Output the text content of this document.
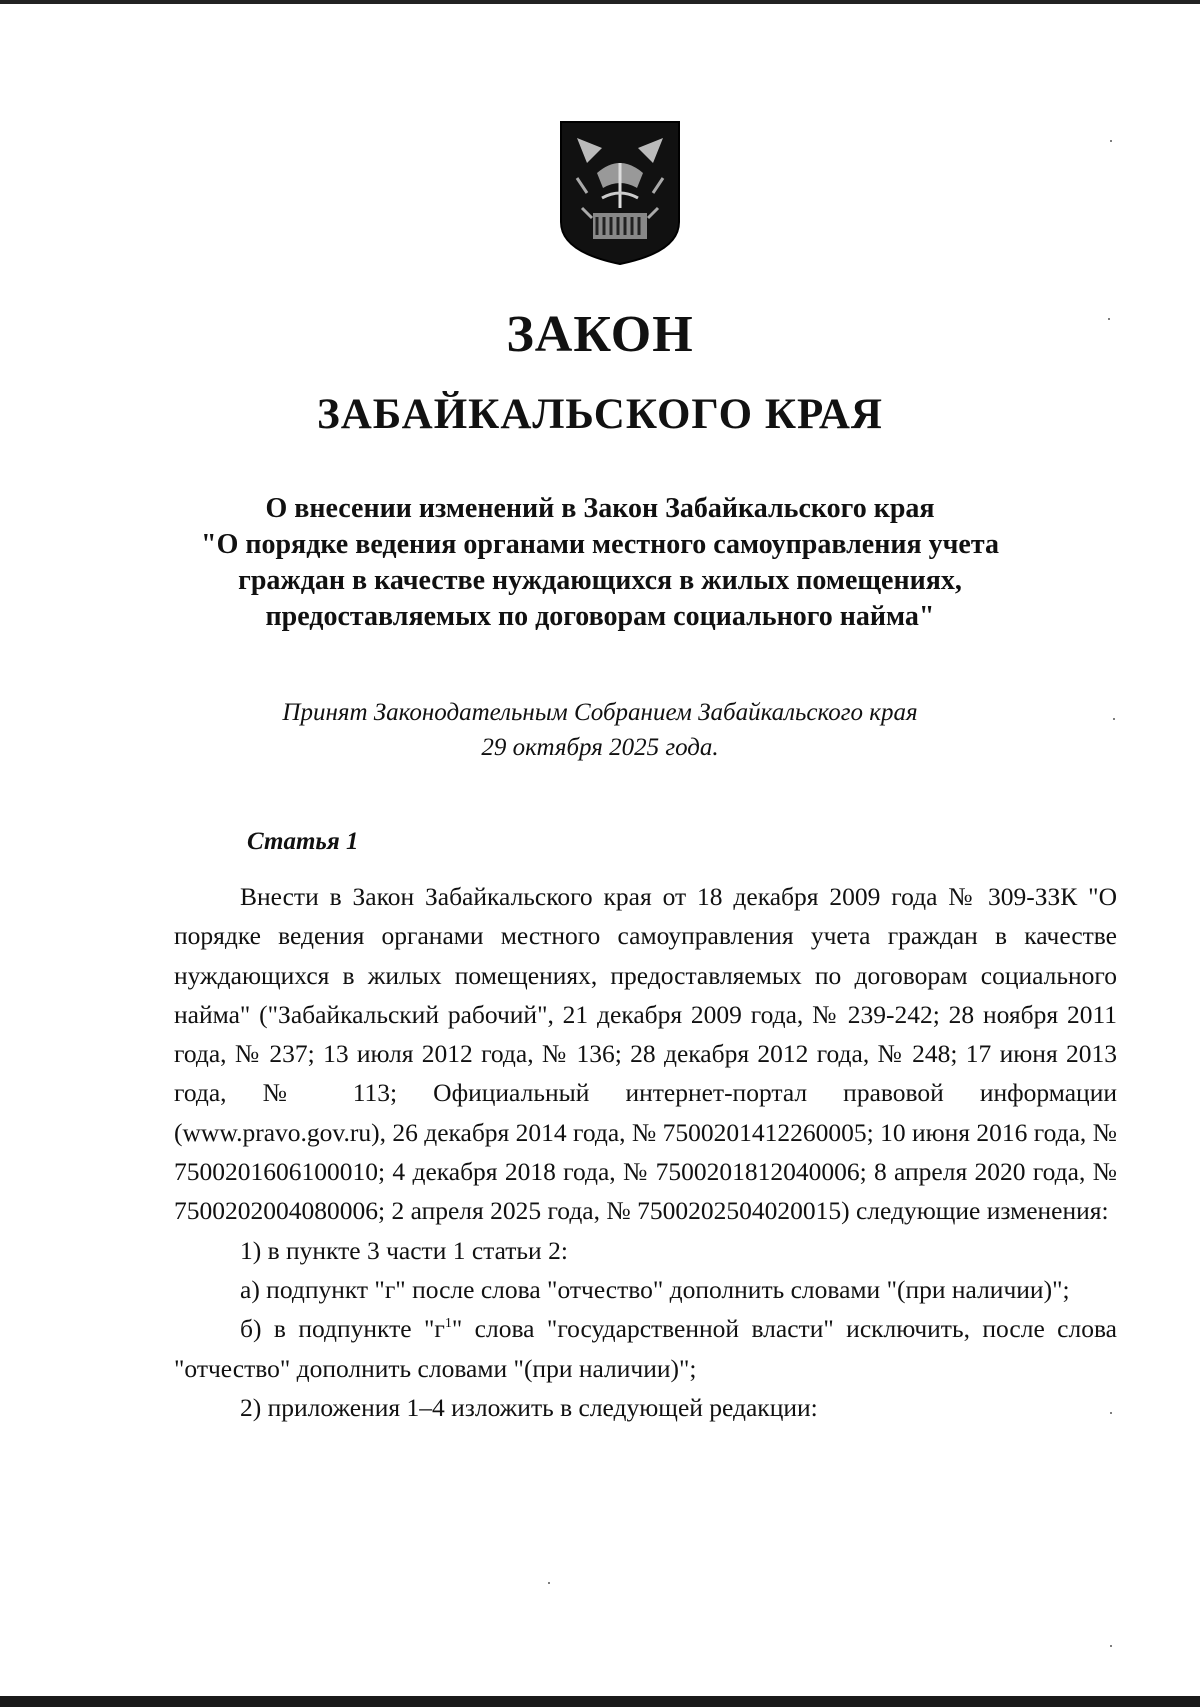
ЗАКОН
ЗАБАЙКАЛЬСКОГО КРАЯ
О внесении изменений в Закон Забайкальского края
"О порядке ведения органами местного самоуправления учета
граждан в качестве нуждающихся в жилых помещениях,
предоставляемых по договорам социального найма"
Принят Законодательным Собранием Забайкальского края
29 октября 2025 года.
Статья 1

Внести в Закон Забайкальского края от 18 декабря 2009 года № 309-ЗЗК "О порядке ведения органами местного самоуправления учета граждан в качестве нуждающихся в жилых помещениях, предоставляемых по договорам социального найма" ("Забайкальский рабочий", 21 декабря 2009 года, № 239-242; 28 ноября 2011 года, № 237; 13 июля 2012 года, № 136; 28 декабря 2012 года, № 248; 17 июня 2013 года, № 113; Официальный интернет-портал правовой информации (www.pravo.gov.ru), 26 декабря 2014 года, № 7500201412260005; 10 июня 2016 года, № 7500201606100010; 4 декабря 2018 года, № 7500201812040006; 8 апреля 2020 года, № 7500202004080006; 2 апреля 2025 года, № 7500202504020015) следующие изменения:

1) в пункте 3 части 1 статьи 2:

а) подпункт "г" после слова "отчество" дополнить словами "(при наличии)";

б) в подпункте "$г^1$" слова "государственной власти" исключить, после слова "отчество" дополнить словами "(при наличии)";

2) приложения 1–4 изложить в следующей редакции:
